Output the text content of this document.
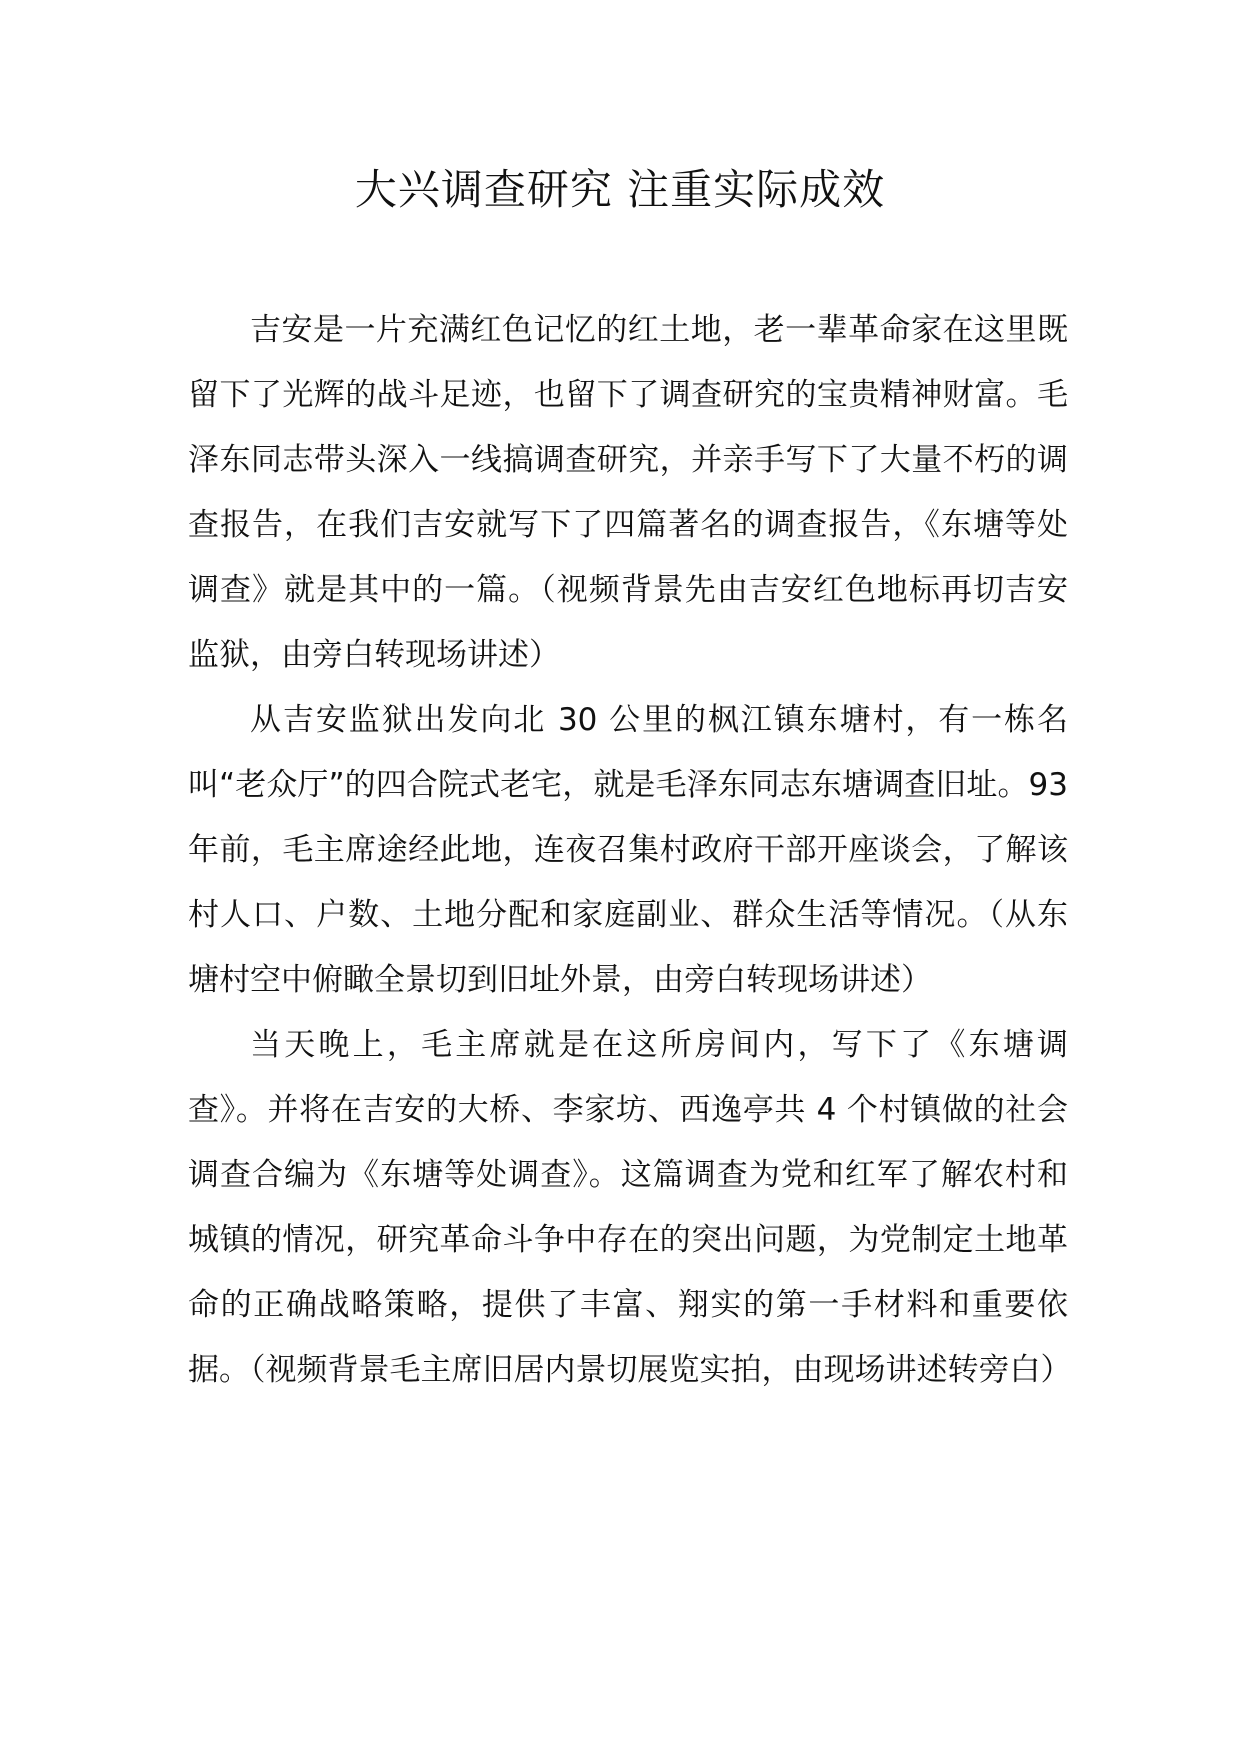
大兴调查研究 注重实际成效

吉安是一片充满红色记忆的红土地，老一辈革命家在这里既留下了光辉的战斗足迹，也留下了调查研究的宝贵精神财富。毛泽东同志带头深入一线搞调查研究，并亲手写下了大量不朽的调查报告，在我们吉安就写下了四篇著名的调查报告，《东塘等处调查》就是其中的一篇。（视频背景先由吉安红色地标再切吉安监狱，由旁白转现场讲述）

从吉安监狱出发向北 30 公里的枫江镇东塘村，有一栋名叫“老众厅”的四合院式老宅，就是毛泽东同志东塘调查旧址。93 年前，毛主席途经此地，连夜召集村政府干部开座谈会，了解该村人口、户数、土地分配和家庭副业、群众生活等情况。（从东塘村空中俯瞰全景切到旧址外景，由旁白转现场讲述）

当天晚上，毛主席就是在这所房间内，写下了《东塘调查》。并将在吉安的大桥、李家坊、西逸亭共 4 个村镇做的社会调查合编为《东塘等处调查》。这篇调查为党和红军了解农村和城镇的情况，研究革命斗争中存在的突出问题，为党制定土地革命的正确战略策略，提供了丰富、翔实的第一手材料和重要依据。（视频背景毛主席旧居内景切展览实拍，由现场讲述转旁白）
